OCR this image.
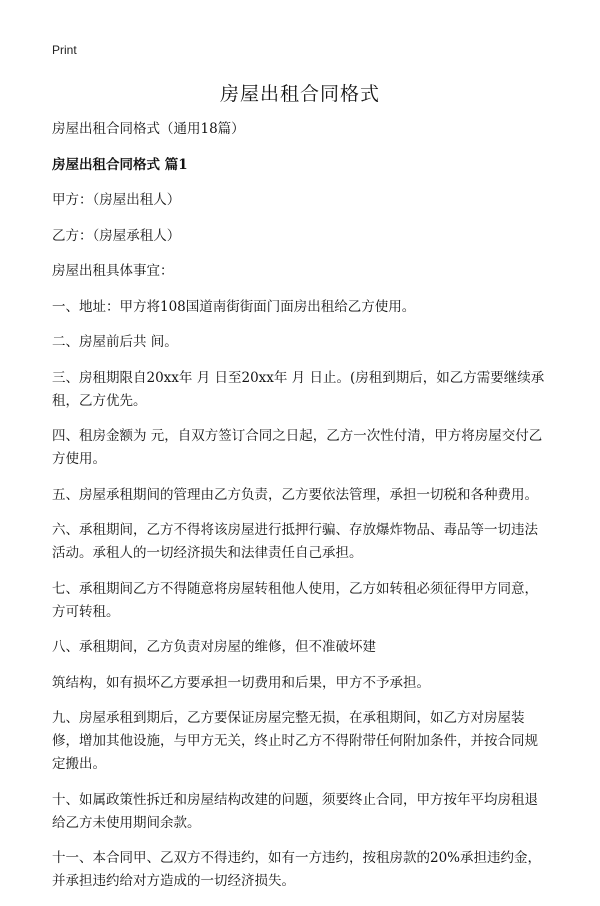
Print
房屋出租合同格式

房屋出租合同格式（通用18篇）

房屋出租合同格式 篇1

甲方：（房屋出租人）

乙方：（房屋承租人）

房屋出租具体事宜：

一、地址：甲方将108国道南街街面门面房出租给乙方使用。

二、房屋前后共 间。

三、房租期限自20xx年 月 日至20xx年 月 日止。(房租到期后，如乙方需要继续承租，乙方优先。

四、租房金额为 元，自双方签订合同之日起，乙方一次性付清，甲方将房屋交付乙方使用。

五、房屋承租期间的管理由乙方负责，乙方要依法管理，承担一切税和各种费用。

六、承租期间，乙方不得将该房屋进行抵押行骗、存放爆炸物品、毒品等一切违法活动。承租人的一切经济损失和法律责任自己承担。

七、承租期间乙方不得随意将房屋转租他人使用，乙方如转租必须征得甲方同意，方可转租。

八、承租期间，乙方负责对房屋的维修，但不准破坏建

筑结构，如有损坏乙方要承担一切费用和后果，甲方不予承担。

九、房屋承租到期后，乙方要保证房屋完整无损，在承租期间，如乙方对房屋装修，增加其他设施，与甲方无关，终止时乙方不得附带任何附加条件，并按合同规定搬出。

十、如属政策性拆迁和房屋结构改建的问题，须要终止合同，甲方按年平均房租退给乙方未使用期间余款。

十一、本合同甲、乙双方不得违约，如有一方违约，按租房款的20%承担违约金，并承担违约给对方造成的一切经济损失。
